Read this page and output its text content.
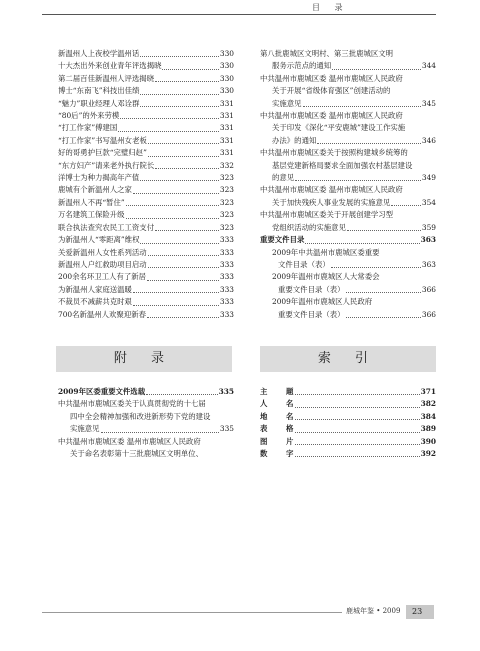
目 录
新温州人上夜校学温州话	330
十大杰出外来创业青年评选揭晓	330
第二届百佳新温州人评选揭晓	330
博士“东南飞”科技出佳绩	330
“魅力”职业经理人邓诠群	331
“80后”的外来劳模	331
“打工作家”傅建国	331
“打工作家”书写温州女老板	331
好的哥勇护巨款“完璧归赵”	331
“东方妇产”请来老外执行院长	332
洋博士为种力揭高年产值	323
鹿城有个新温州人之家	323
新温州人不再“暂住”	323
万名建筑工保险升级	323
联合执法查究农民工工资支付	323
为新温州人“零距离”维权	333
关爱新温州人女性系列活动	333
新温州人户红救助项目启动	333
200余名环卫工人有了新居	333
为新温州人家庭送温暖	333
不裁员不减薪共克时艰	333
700名新温州人欢聚迎新春	333
第八批鹿城区文明村、第三批鹿城区文明
服务示范点的通知	344
中共温州市鹿城区委 温州市鹿城区人民政府
关于开展“省级体育强区”创建活动的
实施意见	345
中共温州市鹿城区委 温州市鹿城区人民政府
关于印发《深化“平安鹿城”建设工作实施
办法》的通知	346
中共温州市鹿城区委关于按照构建城乡统筹的
基层党建新格局要求全面加强农村基层建设
的意见	349
中共温州市鹿城区委 温州市鹿城区人民政府
关于加快残疾人事业发展的实施意见	354
中共温州市鹿城区委关于开展创建学习型
党组织活动的实施意见	359
重要文件目录	363
2009年中共温州市鹿城区委重要
文件目录（表）	363
2009年温州市鹿城区人大常委会
重要文件目录（表）	366
2009年温州市鹿城区人民政府
重要文件目录（表）	366
附 录	索 引
2009年区委重要文件选载	335
中共温州市鹿城区委关于认真贯彻党的十七届
四中全会精神加强和改进新形势下党的建设
实施意见	335
中共温州市鹿城区委 温州市鹿城区人民政府
关于命名表彰第十三批鹿城区文明单位、
主 题	371
人 名	382
地 名	384
表 格	389
图 片	390
数 字	392
鹿城年鉴 • 2009	23
